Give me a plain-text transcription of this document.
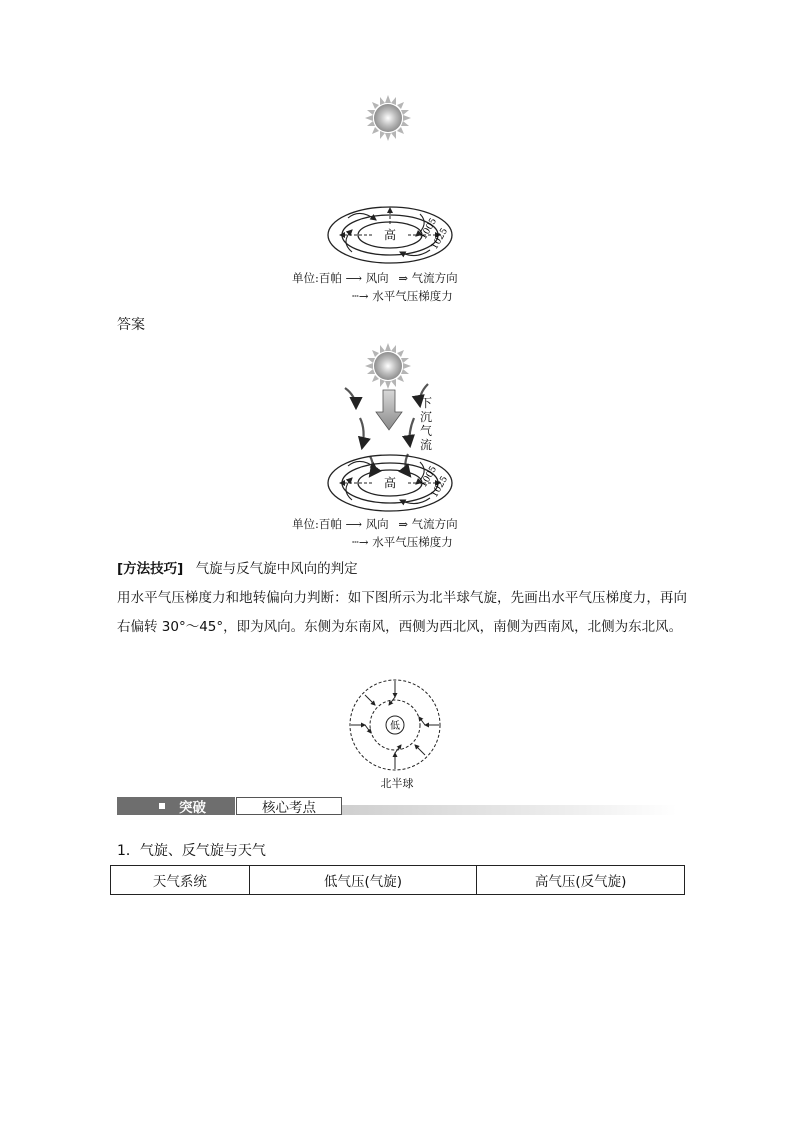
高	1005
1025
单位:百帕 ⟶ 风向 ⇒ 气流方向
┄→ 水平气压梯度力
答案
高	1005
1025
下沉气流
单位:百帕 ⟶ 风向 ⇒ 气流方向
┄→ 水平气压梯度力
[方法技巧] 气旋与反气旋中风向的判定
用水平气压梯度力和地转偏向力判断：如下图所示为北半球气旋，先画出水平气压梯度力，再向右偏转 30°～45°，即为风向。东侧为东南风，西侧为西北风，南侧为西南风，北侧为东北风。
低
北半球
突破	核心考点
1．气旋、反气旋与天气
天气系统	低气压(气旋)	高气压(反气旋)
